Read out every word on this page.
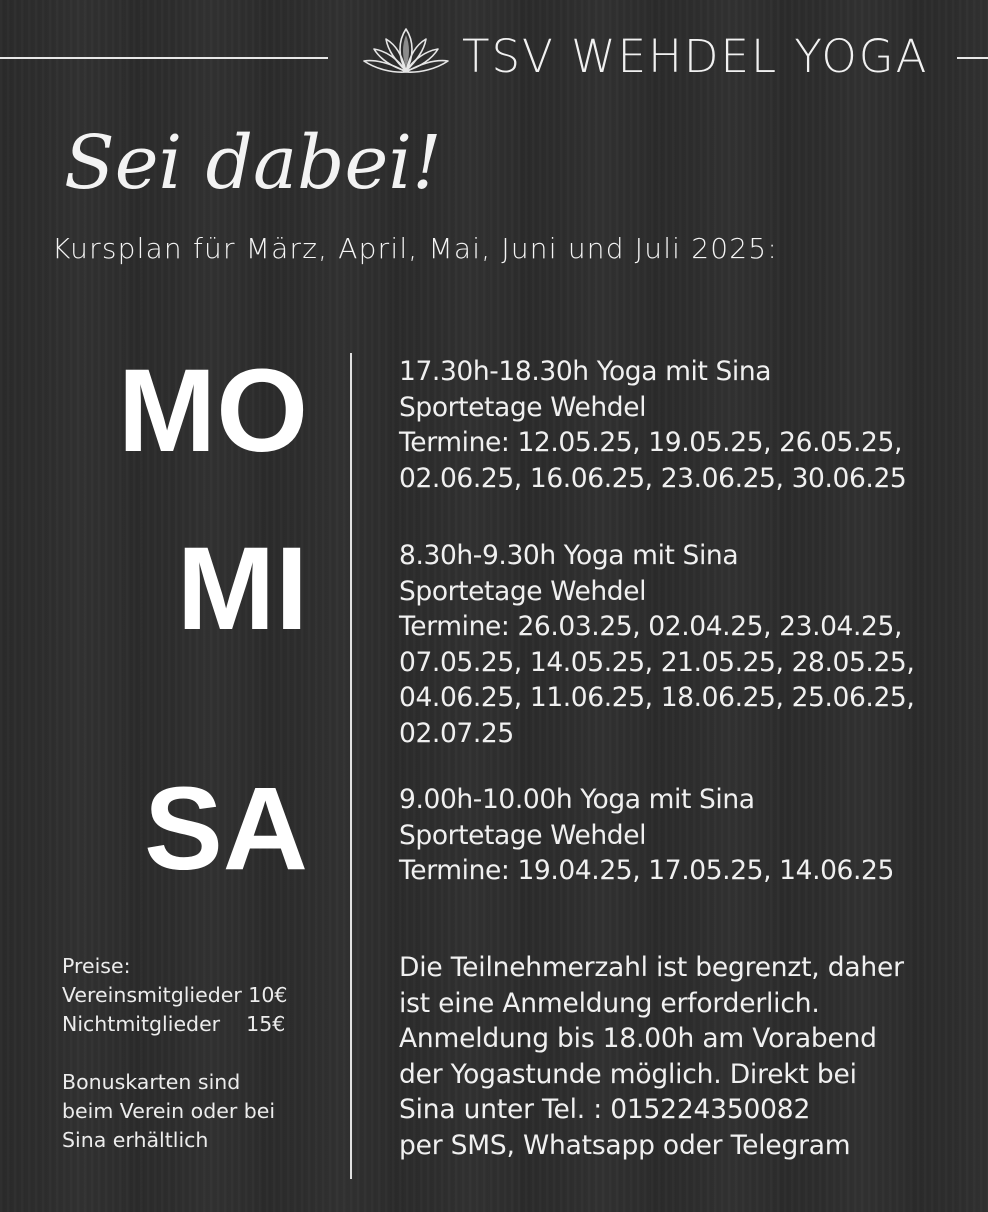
TSV WEHDEL YOGA
Sei dabei!
Kursplan für März, April, Mai, Juni und Juli 2025:
MO
MI
SA
17.30h-18.30h Yoga mit Sina
Sportetage Wehdel
Termine: 12.05.25, 19.05.25, 26.05.25,
02.06.25, 16.06.25, 23.06.25, 30.06.25
8.30h-9.30h Yoga mit Sina
Sportetage Wehdel
Termine: 26.03.25, 02.04.25, 23.04.25,
07.05.25, 14.05.25, 21.05.25, 28.05.25,
04.06.25, 11.06.25, 18.06.25, 25.06.25,
02.07.25
9.00h-10.00h Yoga mit Sina
Sportetage Wehdel
Termine: 19.04.25, 17.05.25, 14.06.25
Preise:
Vereinsmitglieder 10€
Nichtmitglieder    15€
Bonuskarten sind
beim Verein oder bei
Sina erhältlich
Die Teilnehmerzahl ist begrenzt, daher
ist eine Anmeldung erforderlich.
Anmeldung bis 18.00h am Vorabend
der Yogastunde möglich. Direkt bei
Sina unter Tel. : 015224350082
per SMS, Whatsapp oder Telegram
